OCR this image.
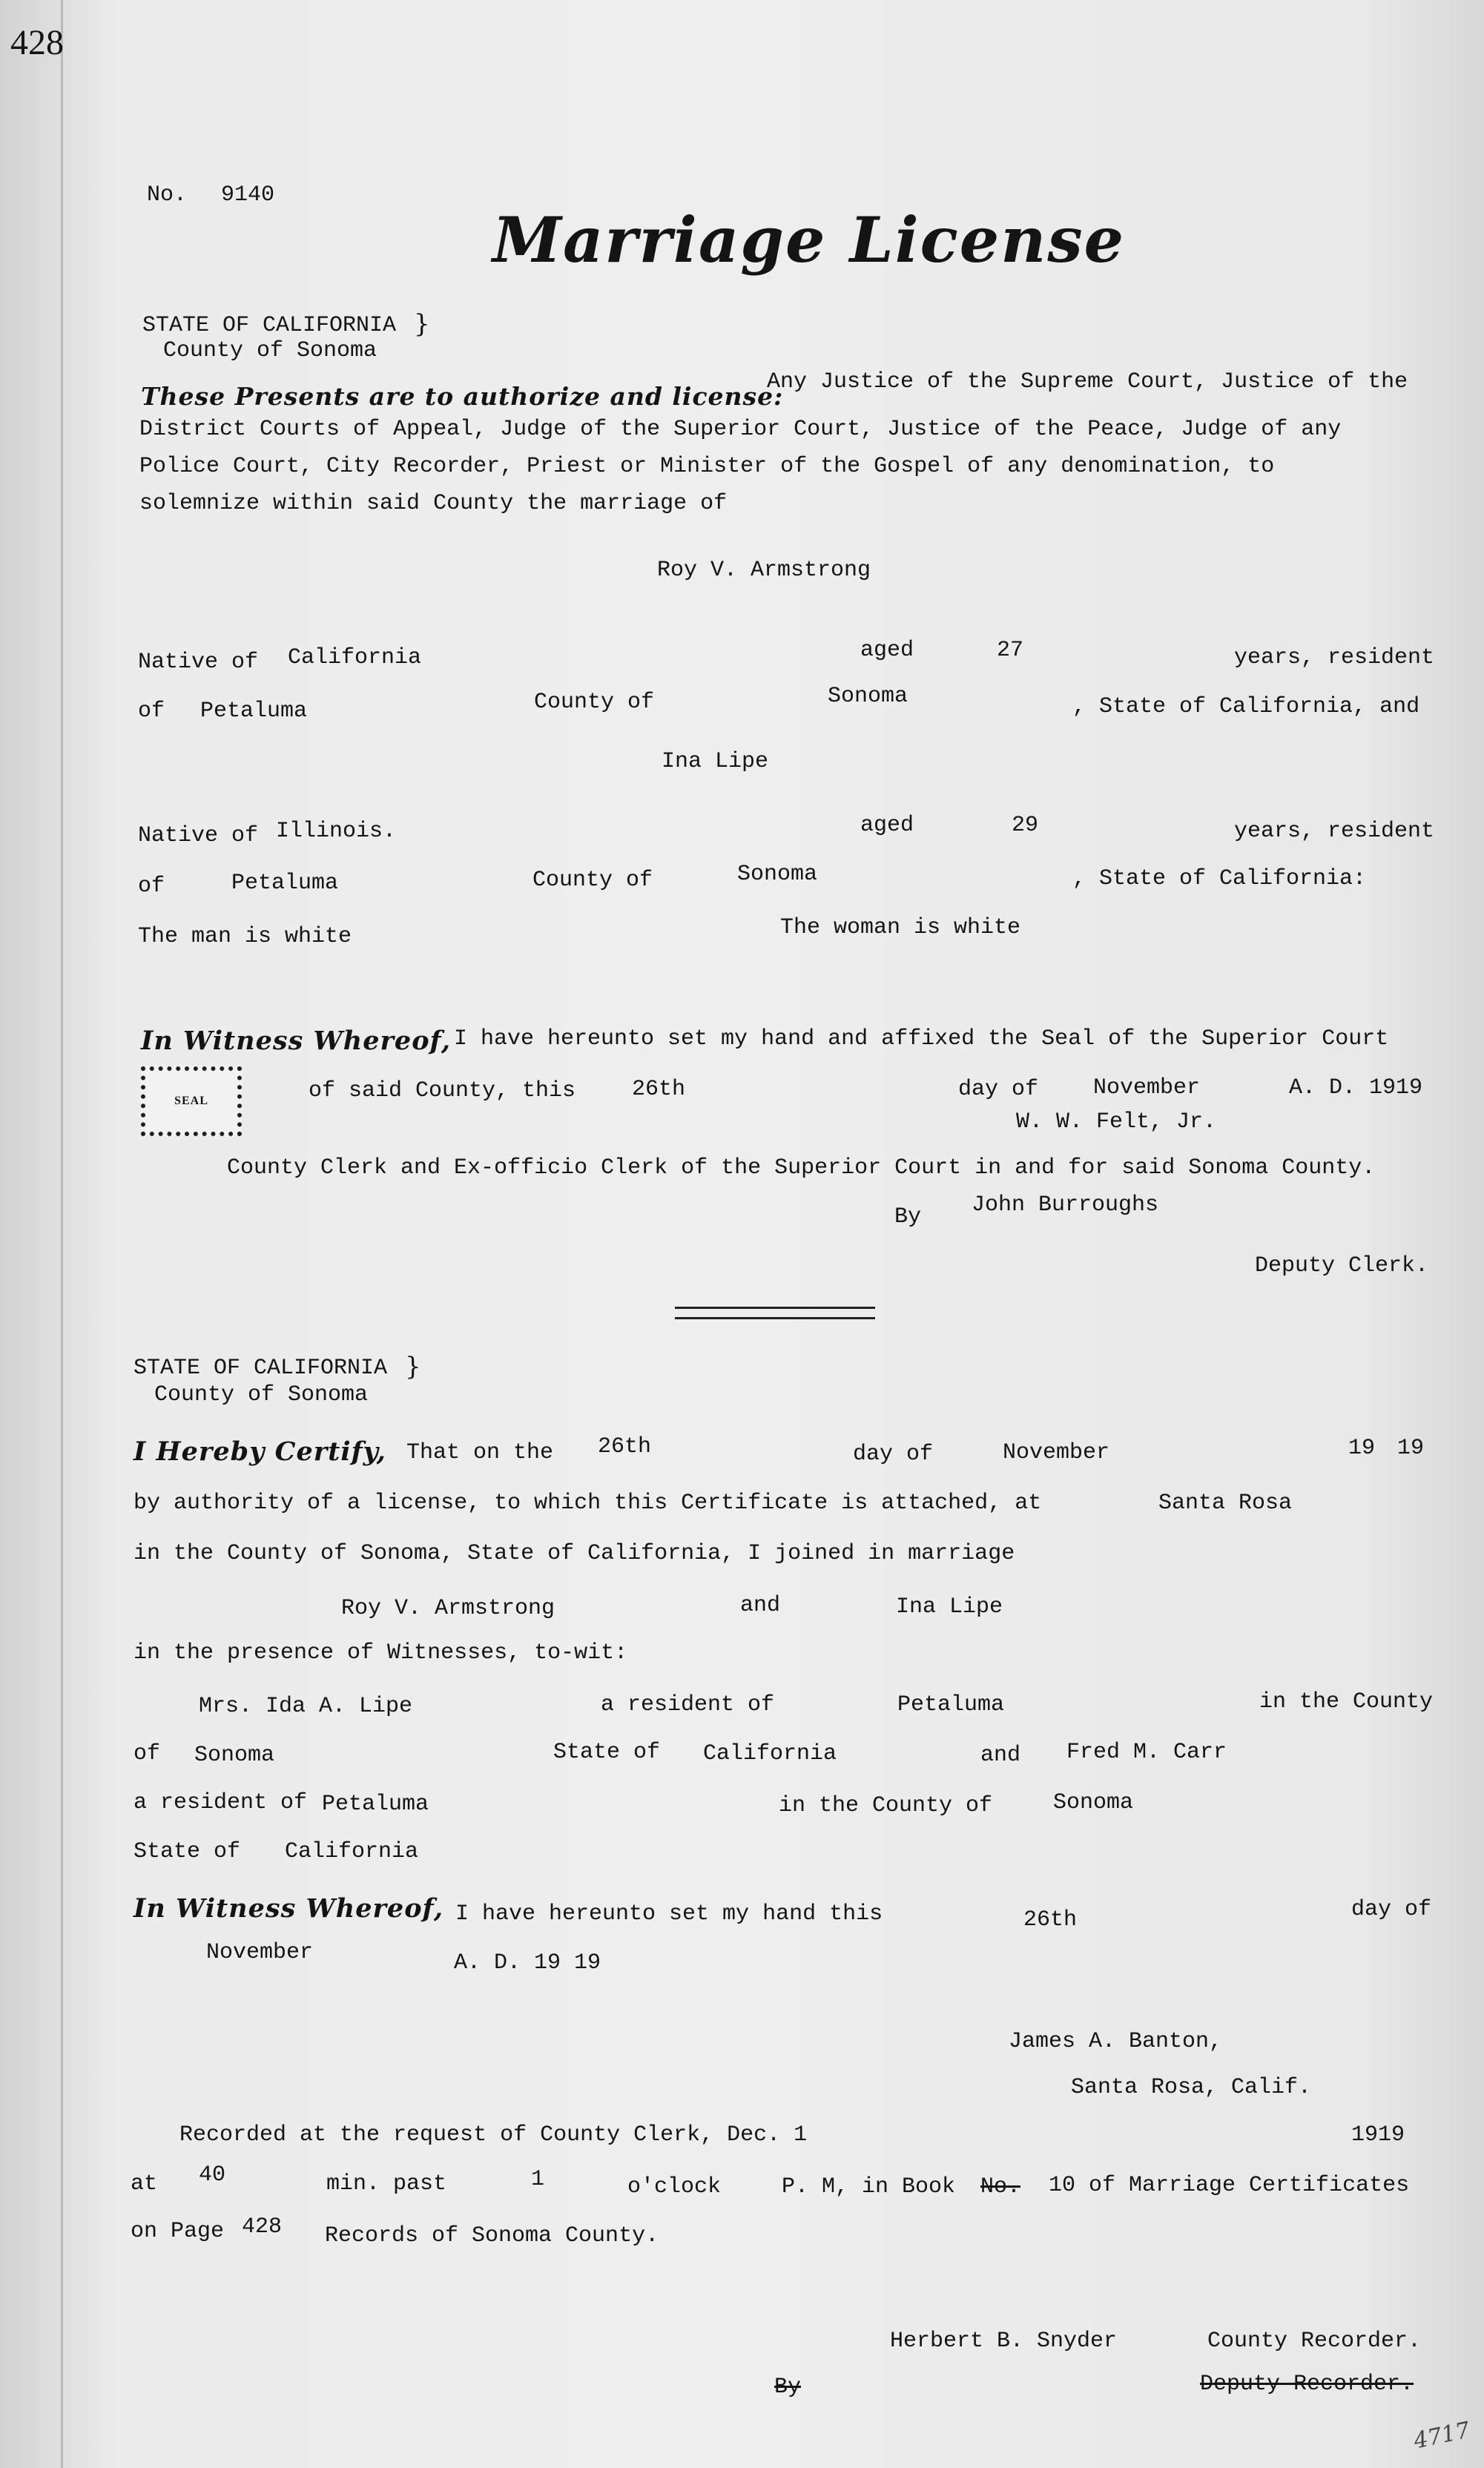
428
No. 9140
Marriage License
STATE OF CALIFORNIA
County of Sonoma
}
These Presents are to authorize and license:
Any Justice of the Supreme Court, Justice of the
District Courts of Appeal, Judge of the Superior Court, Justice of the Peace, Judge of any
Police Court, City Recorder, Priest or Minister of the Gospel of any denomination, to
solemnize within said County the marriage of
Roy V. Armstrong
Native of California	aged	27	years, resident
of Petaluma	County of	Sonoma	, State of California, and
Ina Lipe
Native of Illinois.	aged	29	years, resident
of	Petaluma	County of	Sonoma	, State of California:
The man is white	The woman is white
In Witness Whereof, I have hereunto set my hand and affixed the Seal of the Superior Court
SEAL	of said County, this	26th	day of November	A. D. 1919
W. W. Felt, Jr.
County Clerk and Ex-officio Clerk of the Superior Court in and for said Sonoma County.
By John Burroughs
Deputy Clerk.
STATE OF CALIFORNIA
County of Sonoma
}
I Hereby Certify, That on the 26th	day of	November	19 19
by authority of a license, to which this Certificate is attached, at	Santa Rosa
in the County of Sonoma, State of California, I joined in marriage
Roy V. Armstrong	and	Ina Lipe
in the presence of Witnesses, to-wit:
Mrs. Ida A. Lipe	a resident of	Petaluma	in the County
of Sonoma	State of California	and Fred M. Carr
a resident of Petaluma	in the County of	Sonoma
State of California
In Witness Whereof, I have hereunto set my hand this	26th	day of
November	A. D. 19 19
James A. Banton,
Santa Rosa, Calif.
Recorded at the request of County Clerk, Dec. 1	1919
at 40	min. past	1	o'clock	P. M, in Book No. 10 of Marriage Certificates
on Page 428 Records of Sonoma County.
Herbert B. Snyder	County Recorder.
By	Deputy Recorder.
4717
